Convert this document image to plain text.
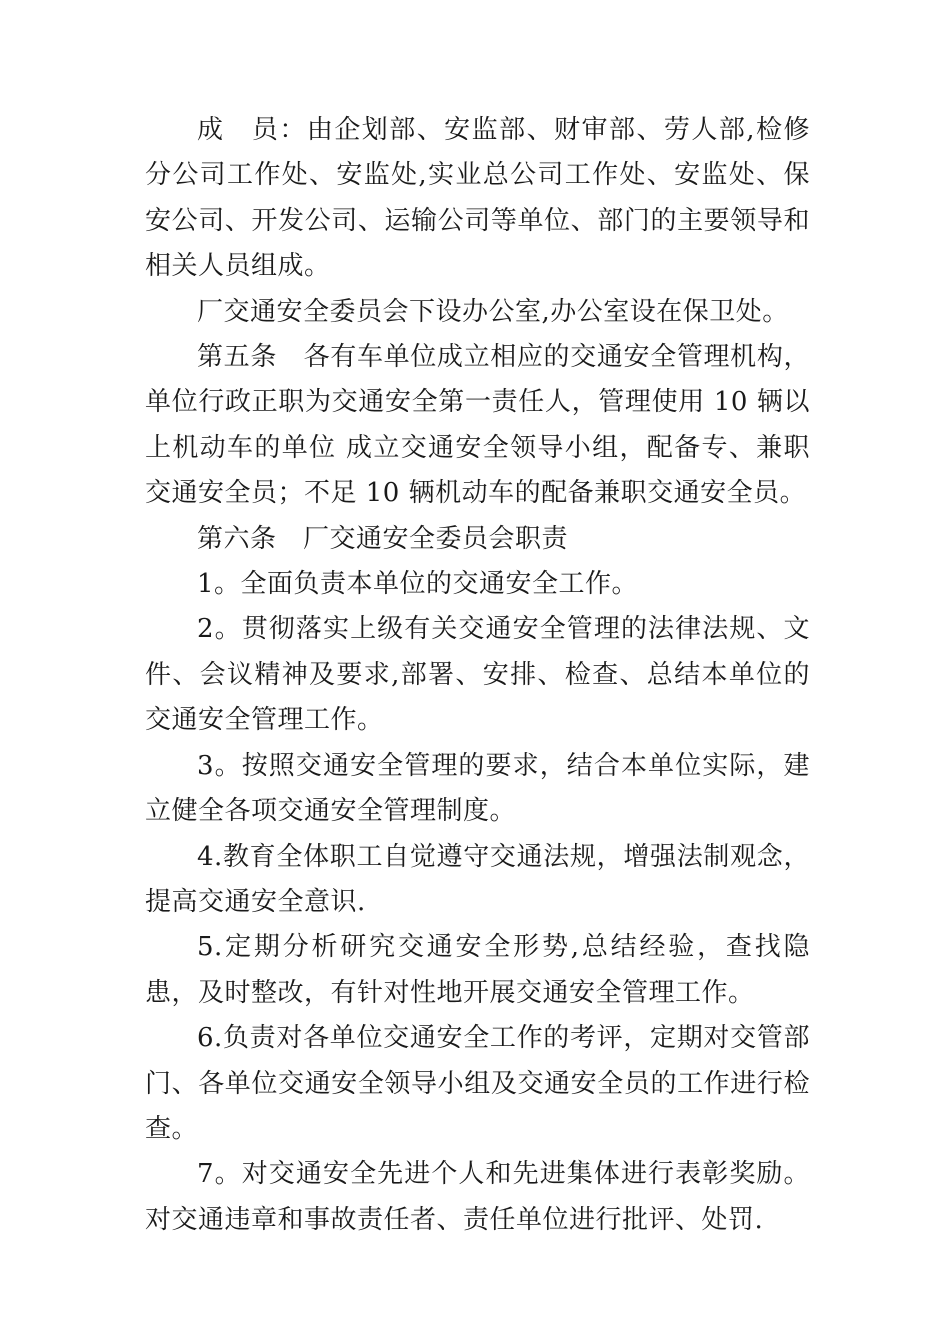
成　员：由企划部、安监部、财审部、劳人部,检修分公司工作处、安监处,实业总公司工作处、安监处、保安公司、开发公司、运输公司等单位、部门的主要领导和相关人员组成。

厂交通安全委员会下设办公室,办公室设在保卫处。

第五条　各有车单位成立相应的交通安全管理机构，单位行政正职为交通安全第一责任人，管理使用 10 辆以上机动车的单位 成立交通安全领导小组，配备专、兼职交通安全员；不足 10 辆机动车的配备兼职交通安全员。

第六条　厂交通安全委员会职责

1。全面负责本单位的交通安全工作。

2。贯彻落实上级有关交通安全管理的法律法规、文件、会议精神及要求,部署、安排、检查、总结本单位的交通安全管理工作。

3。按照交通安全管理的要求，结合本单位实际，建立健全各项交通安全管理制度。

4.教育全体职工自觉遵守交通法规，增强法制观念，提高交通安全意识.

5.定期分析研究交通安全形势,总结经验，查找隐患，及时整改，有针对性地开展交通安全管理工作。

6.负责对各单位交通安全工作的考评，定期对交管部门、各单位交通安全领导小组及交通安全员的工作进行检查。

7。对交通安全先进个人和先进集体进行表彰奖励。对交通违章和事故责任者、责任单位进行批评、处罚.
